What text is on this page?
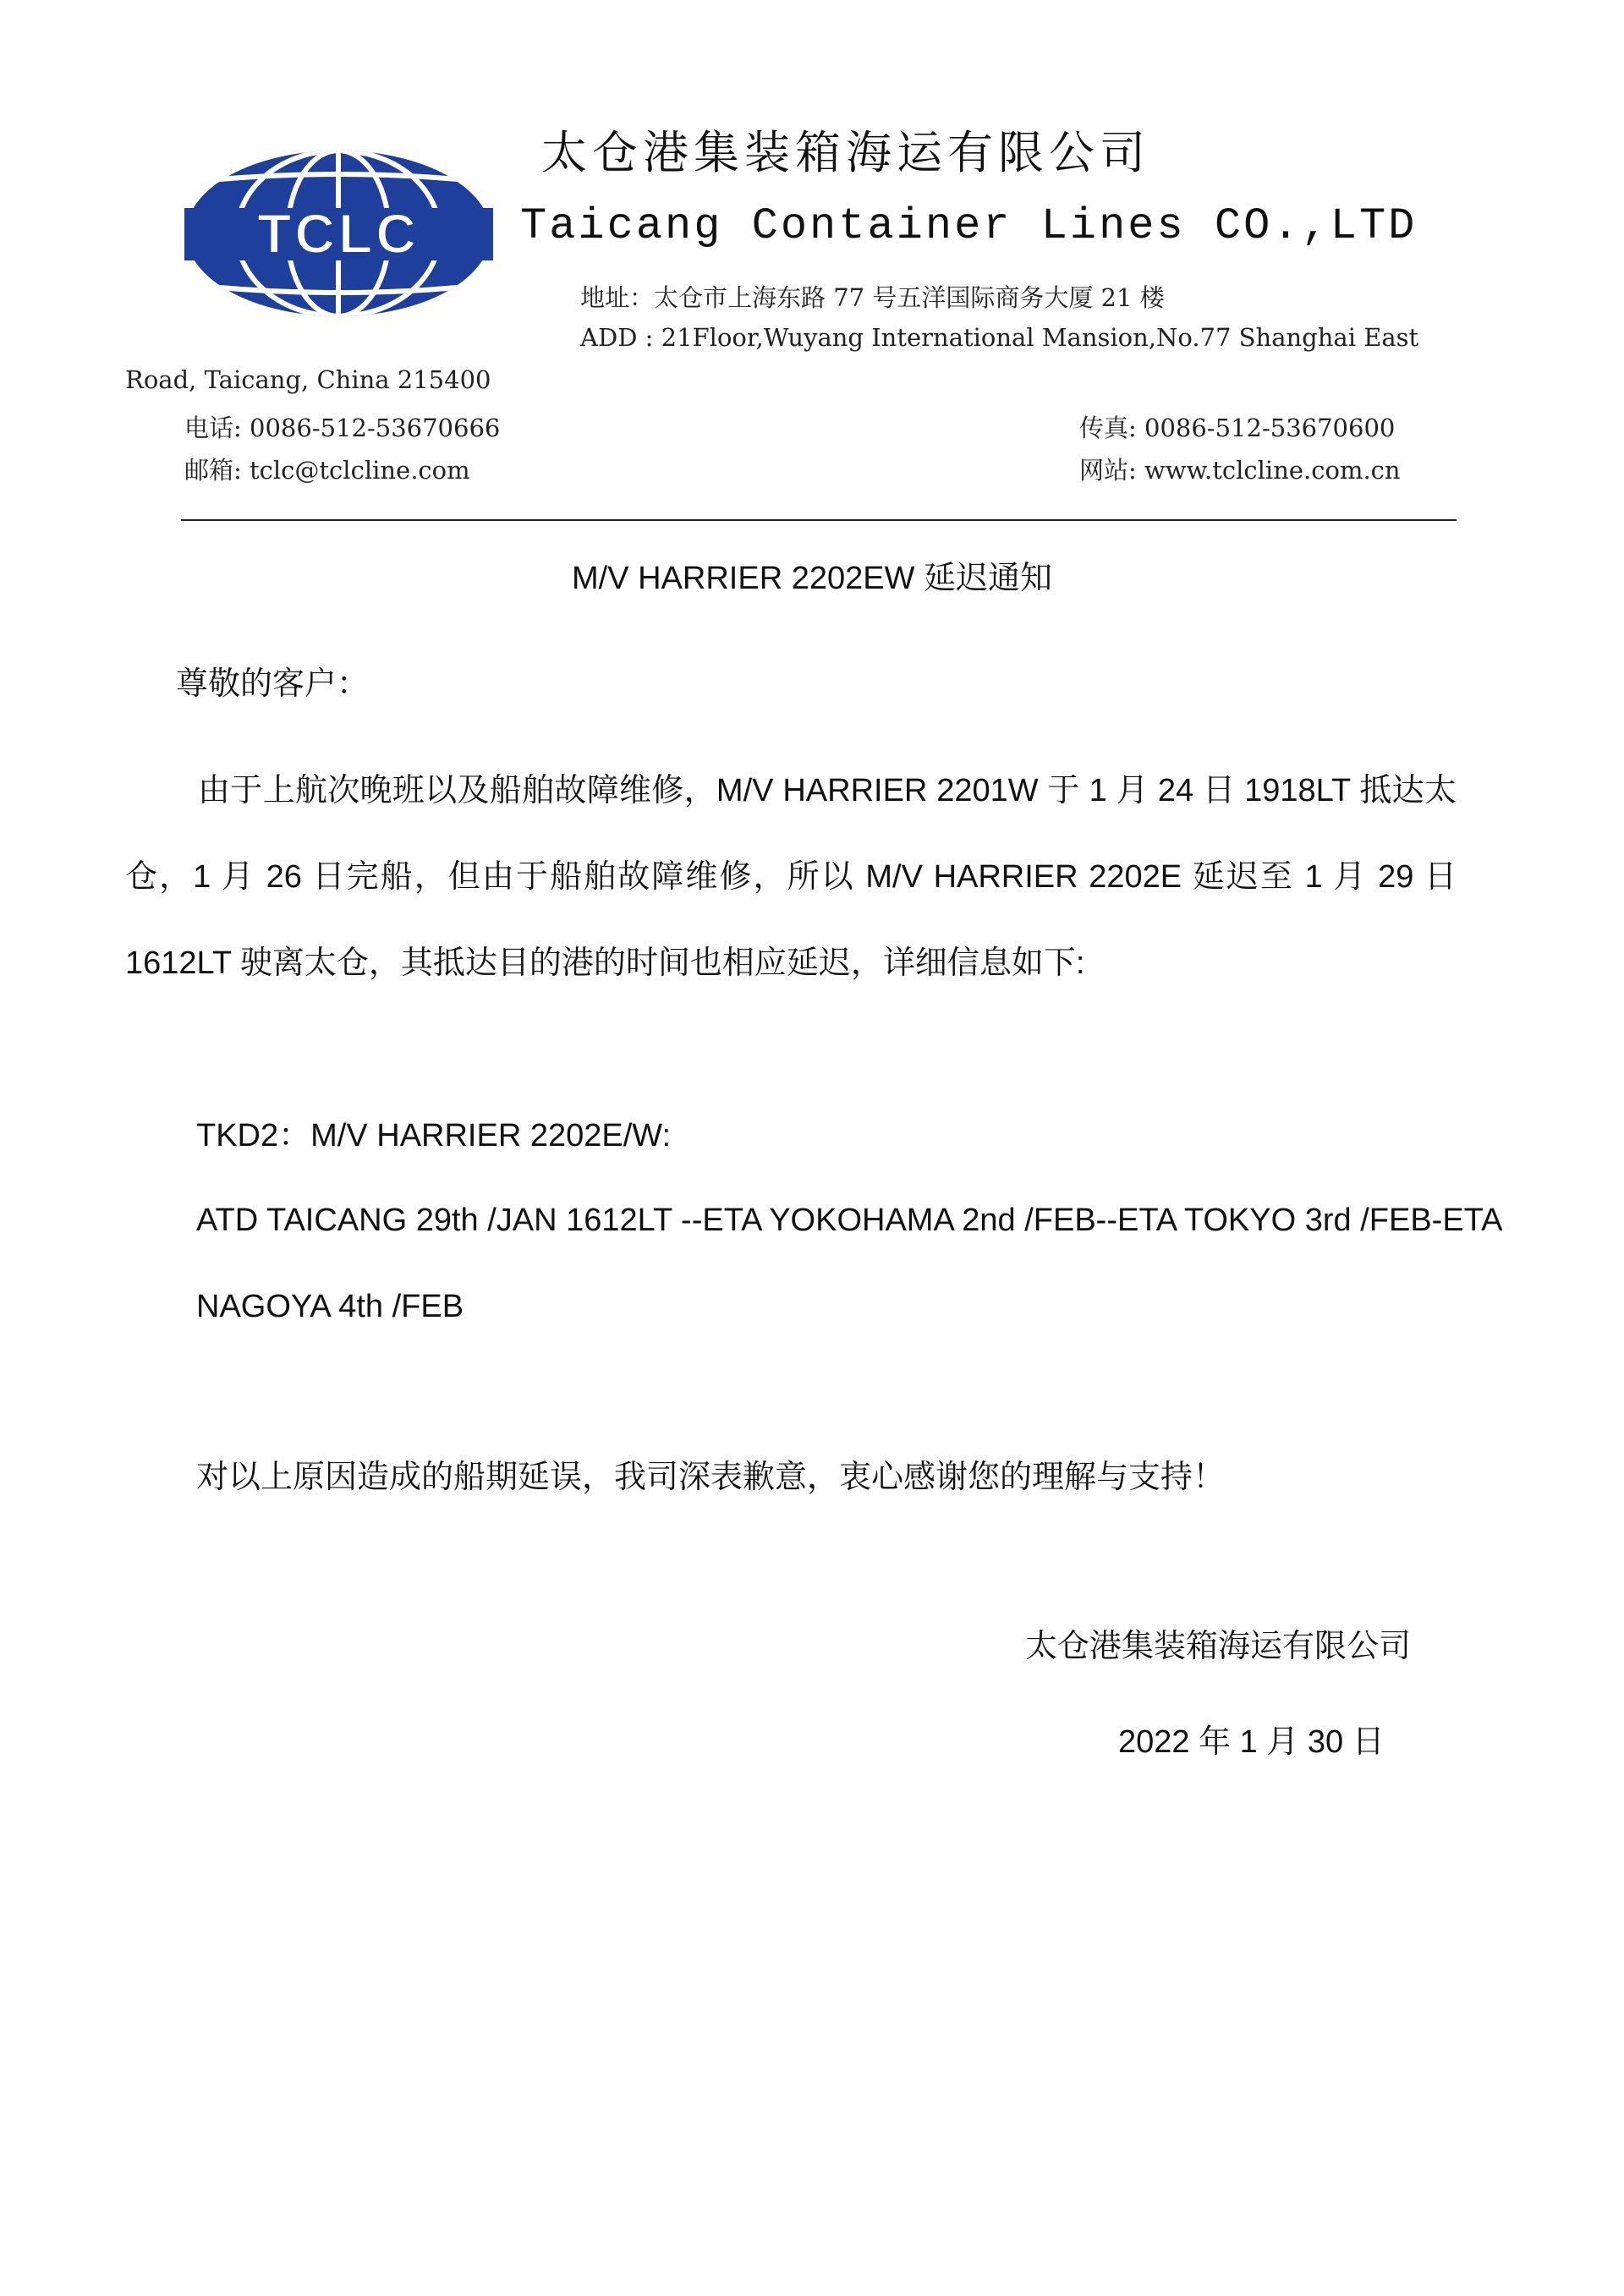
TCLC
太仓港集装箱海运有限公司
Taicang Container Lines CO.,LTD
地址：太仓市上海东路 77 号五洋国际商务大厦 21 楼
ADD : 21Floor,Wuyang International Mansion,No.77 Shanghai East
Road, Taicang, China 215400
电话: 0086-512-53670666	传真: 0086-512-53670600
邮箱: tclc@tclcline.com	网站: www.tclcline.com.cn
M/V HARRIER 2202EW 延迟通知
尊敬的客户：
由于上航次晚班以及船舶故障维修，M/V HARRIER 2201W 于 1 月 24 日 1918LT 抵达太仓，1 月 26 日完船，但由于船舶故障维修，所以 M/V HARRIER 2202E 延迟至 1 月 29 日 1612LT 驶离太仓，其抵达目的港的时间也相应延迟，详细信息如下:
TKD2：M/V HARRIER 2202E/W:
ATD TAICANG 29th /JAN 1612LT --ETA YOKOHAMA 2nd /FEB--ETA TOKYO 3rd /FEB-ETA
NAGOYA 4th /FEB
对以上原因造成的船期延误，我司深表歉意，衷心感谢您的理解与支持！
太仓港集装箱海运有限公司
2022 年 1 月 30 日
